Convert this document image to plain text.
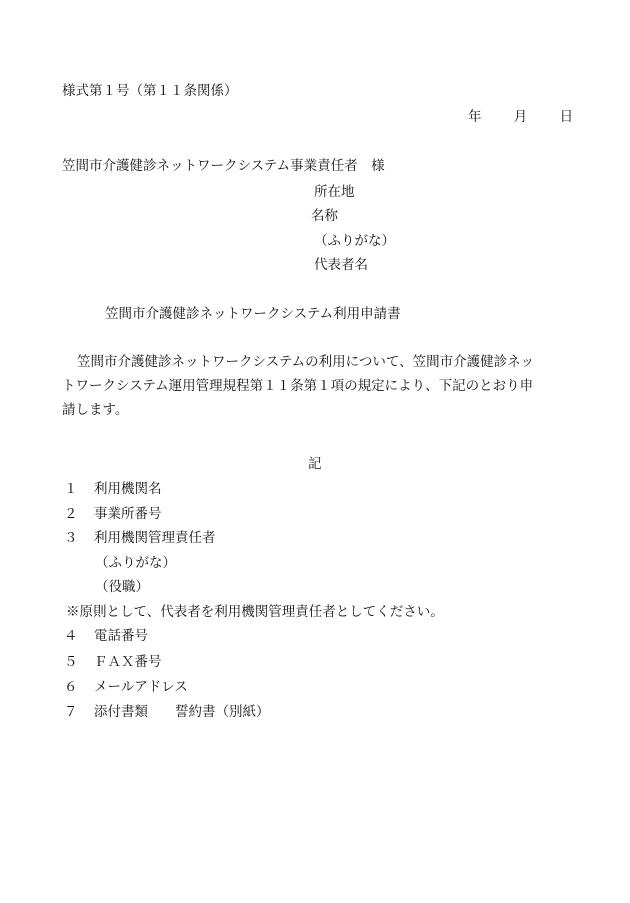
様式第１号（第１１条関係）
年 月 日
笠間市介護健診ネットワークシステム事業責任者　様
所在地
名称
（ふりがな）
代表者名
笠間市介護健診ネットワークシステム利用申請書
笠間市介護健診ネットワークシステムの利用について、笠間市介護健診ネッ
トワークシステム運用管理規程第１１条第１項の規定により、下記のとおり申
請します。
記
１ 利用機関名
２ 事業所番号
３ 利用機関管理責任者
（ふりがな）
（役職）
※原則として、代表者を利用機関管理責任者としてください。
４ 電話番号
５ ＦＡＸ番号
６ メールアドレス
７ 添付書類　　誓約書（別紙）
